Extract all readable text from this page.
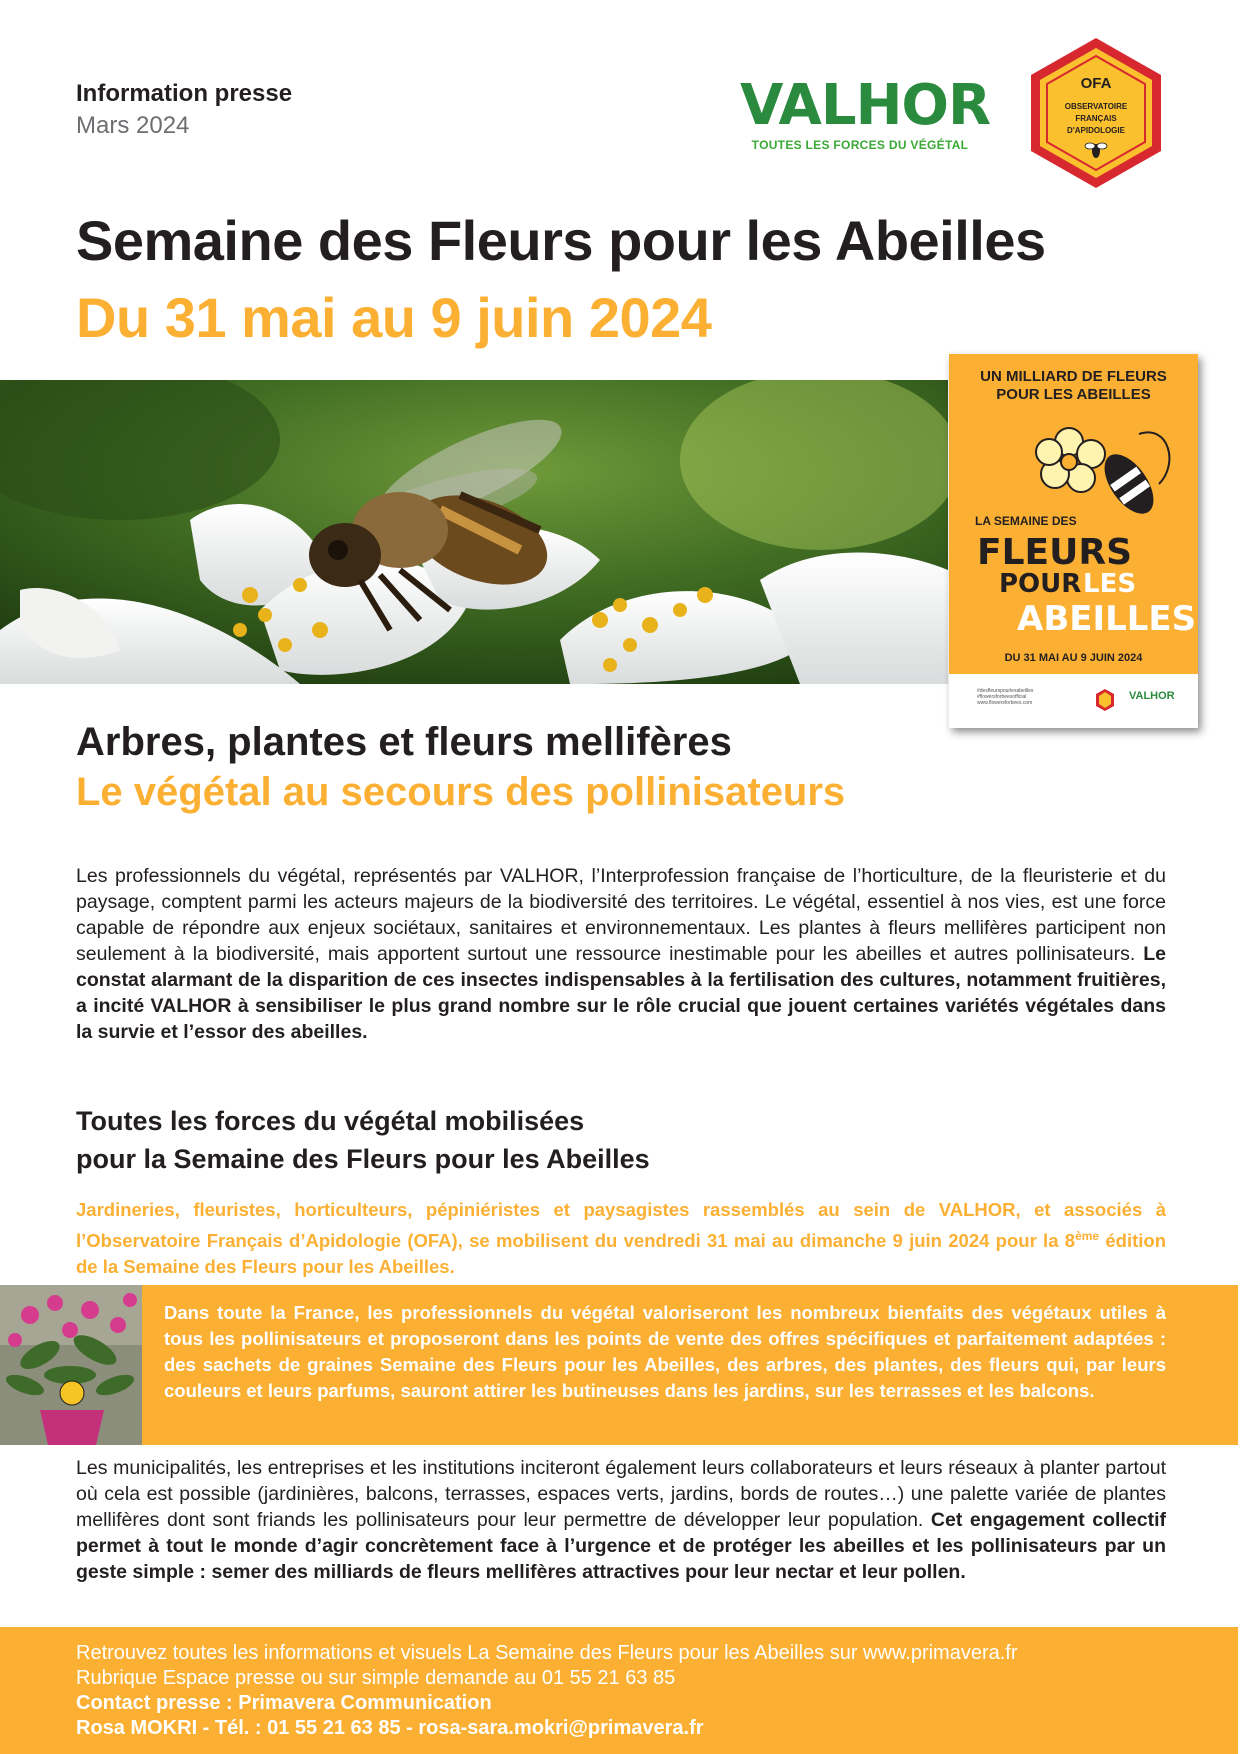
Information presse
Mars 2024	VALHOR
TOUTES LES FORCES DU VÉGÉTAL
OFA
OBSERVATOIRE
FRANÇAIS
D'APIDOLOGIE
Semaine des Fleurs pour les Abeilles
Du 31 mai au 9 juin 2024
UN MILLIARD DE FLEURS
POUR LES ABEILLES
LA SEMAINE DES
FLEURS
POUR LES
ABEILLES
DU 31 MAI AU 9 JUIN 2024
#desfleurspourlesabeilles
#flowersforbeesofficial
www.flowersforbees.com
VALHOR
Arbres, plantes et fleurs mellifères
Le végétal au secours des pollinisateurs
Les professionnels du végétal, représentés par VALHOR, l’Interprofession française de l’horticulture, de la fleuristerie et du paysage, comptent parmi les acteurs majeurs de la biodiversité des territoires. Le végétal, essentiel à nos vies, est une force capable de répondre aux enjeux sociétaux, sanitaires et environnementaux. Les plantes à fleurs mellifères participent non seulement à la biodiversité, mais apportent surtout une ressource inestimable pour les abeilles et autres pollinisateurs. Le constat alarmant de la disparition de ces insectes indispensables à la fertilisation des cultures, notamment fruitières, a incité VALHOR à sensibiliser le plus grand nombre sur le rôle crucial que jouent certaines variétés végétales dans la survie et l’essor des abeilles.
Toutes les forces du végétal mobilisées
pour la Semaine des Fleurs pour les Abeilles
Jardineries, fleuristes, horticulteurs, pépiniéristes et paysagistes rassemblés au sein de VALHOR, et associés à l’Observatoire Français d’Apidologie (OFA), se mobilisent du vendredi 31 mai au dimanche 9 juin 2024 pour la 8ème édition de la Semaine des Fleurs pour les Abeilles.
Dans toute la France, les professionnels du végétal valoriseront les nombreux bienfaits des végétaux utiles à tous les pollinisateurs et proposeront dans les points de vente des offres spécifiques et parfaitement adaptées : des sachets de graines Semaine des Fleurs pour les Abeilles, des arbres, des plantes, des fleurs qui, par leurs couleurs et leurs parfums, sauront attirer les butineuses dans les jardins, sur les terrasses et les balcons.
Les municipalités, les entreprises et les institutions inciteront également leurs collaborateurs et leurs réseaux à planter partout où cela est possible (jardinières, balcons, terrasses, espaces verts, jardins, bords de routes…) une palette variée de plantes mellifères dont sont friands les pollinisateurs pour leur permettre de développer leur population. Cet engagement collectif permet à tout le monde d’agir concrètement face à l’urgence et de protéger les abeilles et les pollinisateurs par un geste simple : semer des milliards de fleurs mellifères attractives pour leur nectar et leur pollen.
Retrouvez toutes les informations et visuels La Semaine des Fleurs pour les Abeilles sur www.primavera.fr
Rubrique Espace presse ou sur simple demande au 01 55 21 63 85
Contact presse : Primavera Communication
Rosa MOKRI - Tél. : 01 55 21 63 85 - rosa-sara.mokri@primavera.fr
